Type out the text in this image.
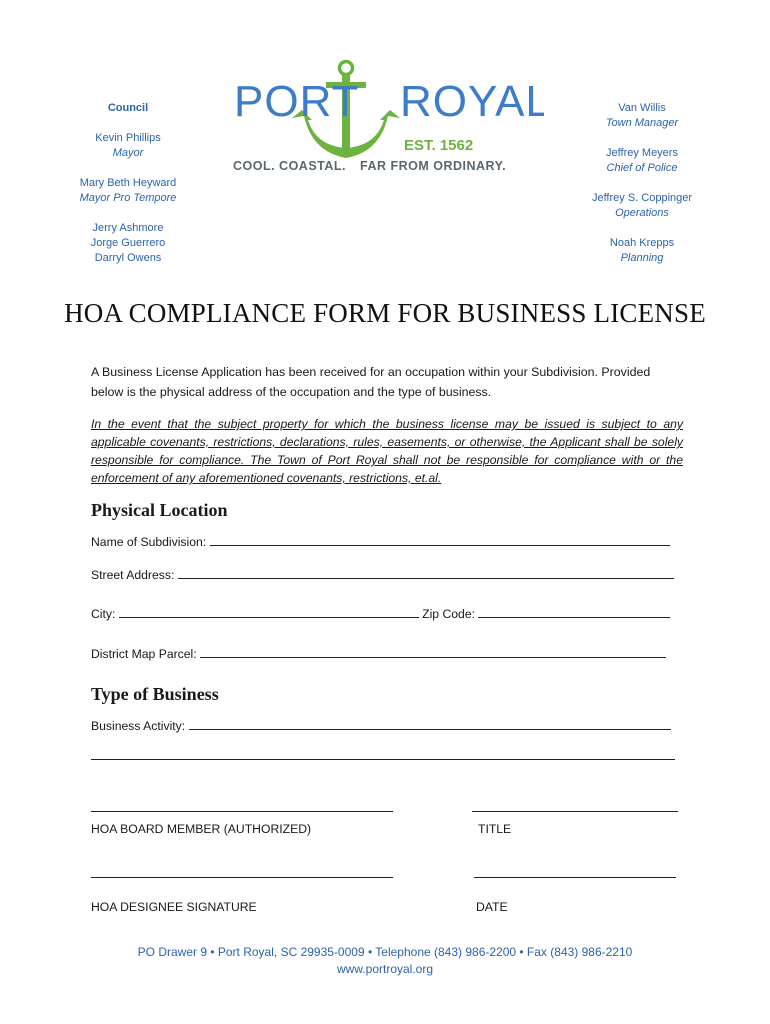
Council
Kevin Phillips
Mayor
Mary Beth Heyward
Mayor Pro Tempore
Jerry Ashmore
Jorge Guerrero
Darryl Owens
PORT ROYAL
EST. 1562
COOL. COASTAL. FAR FROM ORDINARY.
Van Willis
Town Manager
Jeffrey Meyers
Chief of Police
Jeffrey S. Coppinger
Operations
Noah Krepps
Planning
HOA COMPLIANCE FORM FOR BUSINESS LICENSE
A Business License Application has been received for an occupation within your Subdivision. Provided below is the physical address of the occupation and the type of business.
In the event that the subject property for which the business license may be issued is subject to any applicable covenants, restrictions, declarations, rules, easements, or otherwise, the Applicant shall be solely responsible for compliance. The Town of Port Royal shall not be responsible for compliance with or the enforcement of any aforementioned covenants, restrictions, et.al.
Physical Location
Name of Subdivision:
Street Address:
City:	Zip Code:
District Map Parcel:
Type of Business
Business Activity:
HOA BOARD MEMBER (AUTHORIZED)	TITLE
HOA DESIGNEE SIGNATURE	DATE
PO Drawer 9 • Port Royal, SC 29935-0009 • Telephone (843) 986-2200 • Fax (843) 986-2210
www.portroyal.org
